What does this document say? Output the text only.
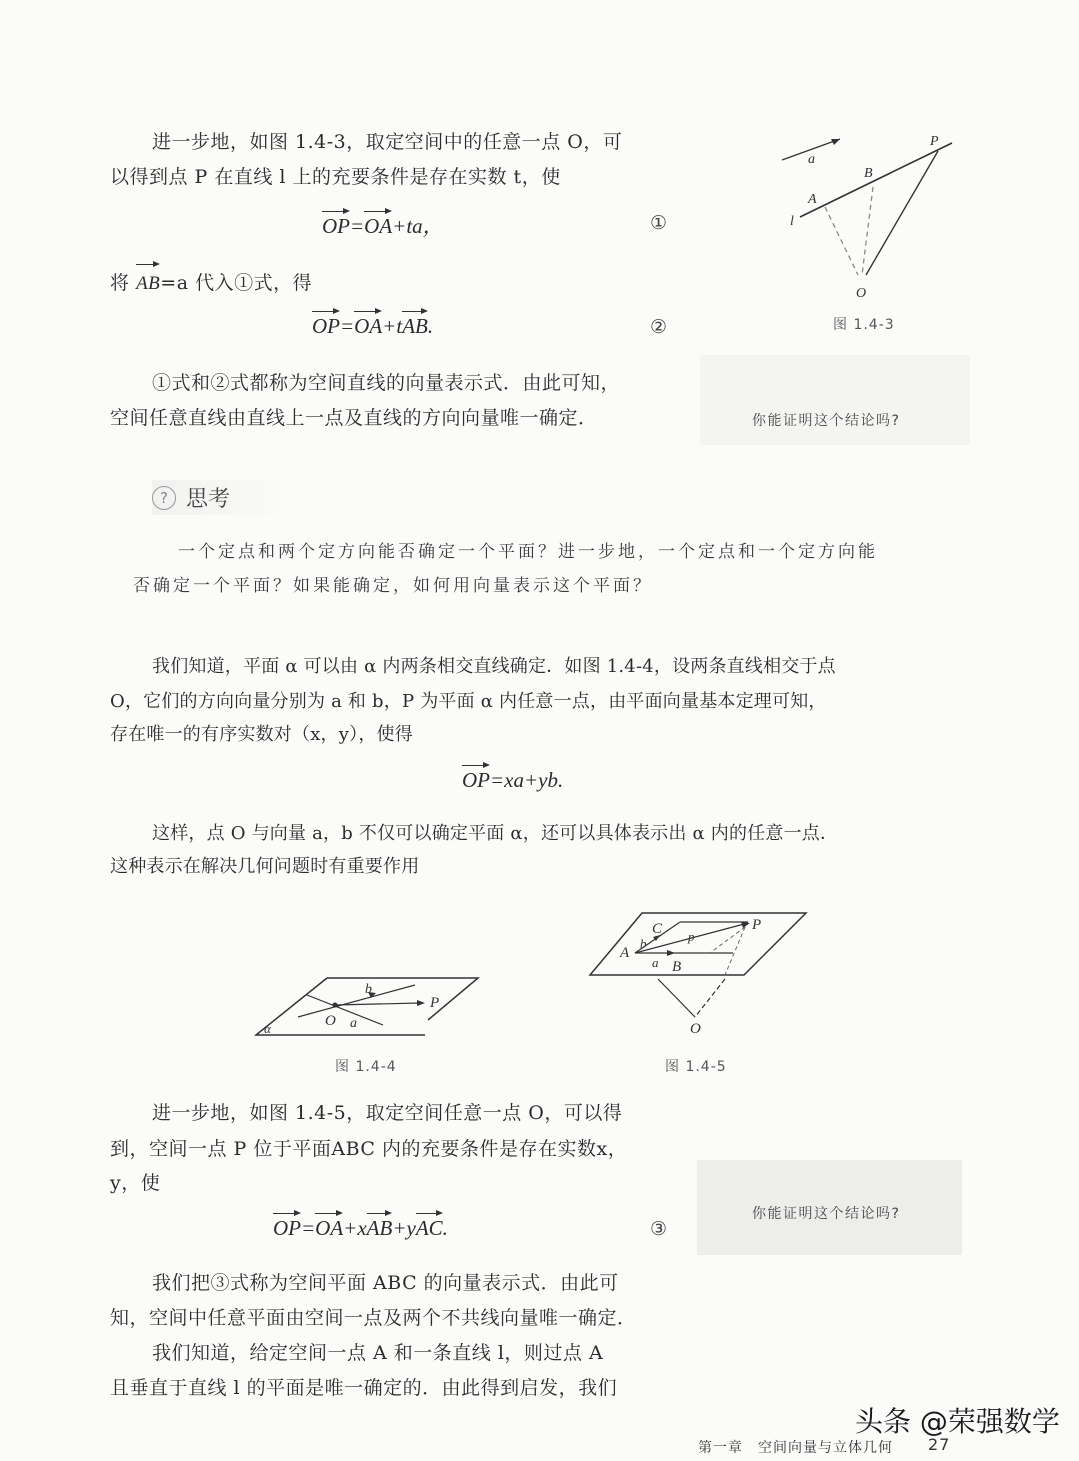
进一步地，如图 1.4-3，取定空间中的任意一点 O，可
以得到点 P 在直线 l 上的充要条件是存在实数 t，使
OP=OA+ta，	①
将 AB=a 代入①式，得
OP=OA+tAB.	②
①式和②式都称为空间直线的向量表示式．由此可知，
空间任意直线由直线上一点及直线的方向向量唯一确定．	你能证明这个结论吗?
a
l
A
B
P
O
图 1.4-3
? 思考
一个定点和两个定方向能否确定一个平面？进一步地，一个定点和一个定方向能
否确定一个平面？如果能确定，如何用向量表示这个平面？
我们知道，平面 α 可以由 α 内两条相交直线确定．如图 1.4-4，设两条直线相交于点
O，它们的方向向量分别为 a 和 b，P 为平面 α 内任意一点，由平面向量基本定理可知，
存在唯一的有序实数对（x，y），使得
OP=xa+yb.
这样，点 O 与向量 a，b 不仅可以确定平面 α，还可以具体表示出 α 内的任意一点．
这种表示在解决几何问题时有重要作用
α	O a
b
P
图 1.4-4
A
C
b	p
a B
P
O
图 1.4-5
进一步地，如图 1.4-5，取定空间任意一点 O，可以得
到，空间一点 P 位于平面ABC 内的充要条件是存在实数x，
y，使
OP=OA+xAB+yAC.	③
你能证明这个结论吗?
我们把③式称为空间平面 ABC 的向量表示式．由此可
知，空间中任意平面由空间一点及两个不共线向量唯一确定．
我们知道，给定空间一点 A 和一条直线 l，则过点 A
且垂直于直线 l 的平面是唯一确定的．由此得到启发，我们
头条 @荣强数学
第一章　空间向量与立体几何 27
